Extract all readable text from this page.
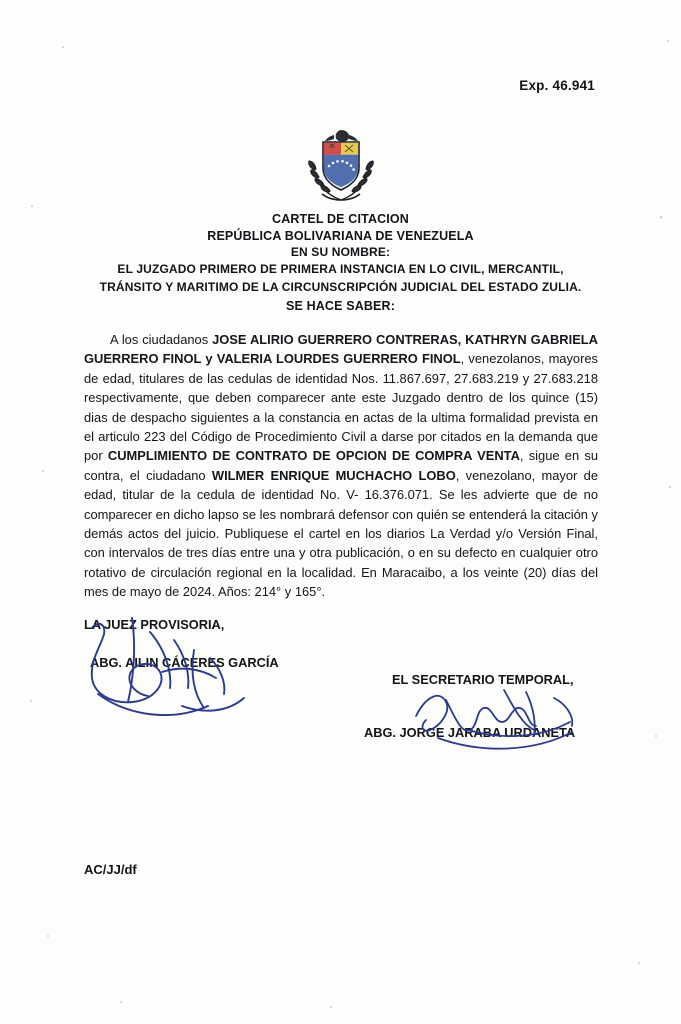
Exp. 46.941
CARTEL DE CITACION
REPÚBLICA BOLIVARIANA DE VENEZUELA
EN SU NOMBRE:
EL JUZGADO PRIMERO DE PRIMERA INSTANCIA EN LO CIVIL, MERCANTIL,
TRÁNSITO Y MARITIMO DE LA CIRCUNSCRIPCIÓN JUDICIAL DEL ESTADO ZULIA.
SE HACE SABER:
A los ciudadanos JOSE ALIRIO GUERRERO CONTRERAS, KATHRYN GABRIELA GUERRERO FINOL y VALERIA LOURDES GUERRERO FINOL, venezolanos, mayores de edad, titulares de las cedulas de identidad Nos. 11.867.697, 27.683.219 y 27.683.218 respectivamente, que deben comparecer ante este Juzgado dentro de los quince (15) dias de despacho siguientes a la constancia en actas de la ultima formalidad prevista en el articulo 223 del Código de Procedimiento Civil a darse por citados en la demanda que por CUMPLIMIENTO DE CONTRATO DE OPCION DE COMPRA VENTA, sigue en su contra, el ciudadano WILMER ENRIQUE MUCHACHO LOBO, venezolano, mayor de edad, titular de la cedula de identidad No. V- 16.376.071. Se les advierte que de no comparecer en dicho lapso se les nombrará defensor con quién se entenderá la citación y demás actos del juicio. Publiquese el cartel en los diarios La Verdad y/o Versión Final, con intervalos de tres días entre una y otra publicación, o en su defecto en cualquier otro rotativo de circulación regional en la localidad. En Maracaibo, a los veinte (20) días del mes de mayo de 2024. Años: 214° y 165°.
LA JUEZ PROVISORIA,
ABG. AILIN CÁCERES GARCÍA
EL SECRETARIO TEMPORAL,
ABG. JORGE JARABA URDANETA
AC/JJ/df
